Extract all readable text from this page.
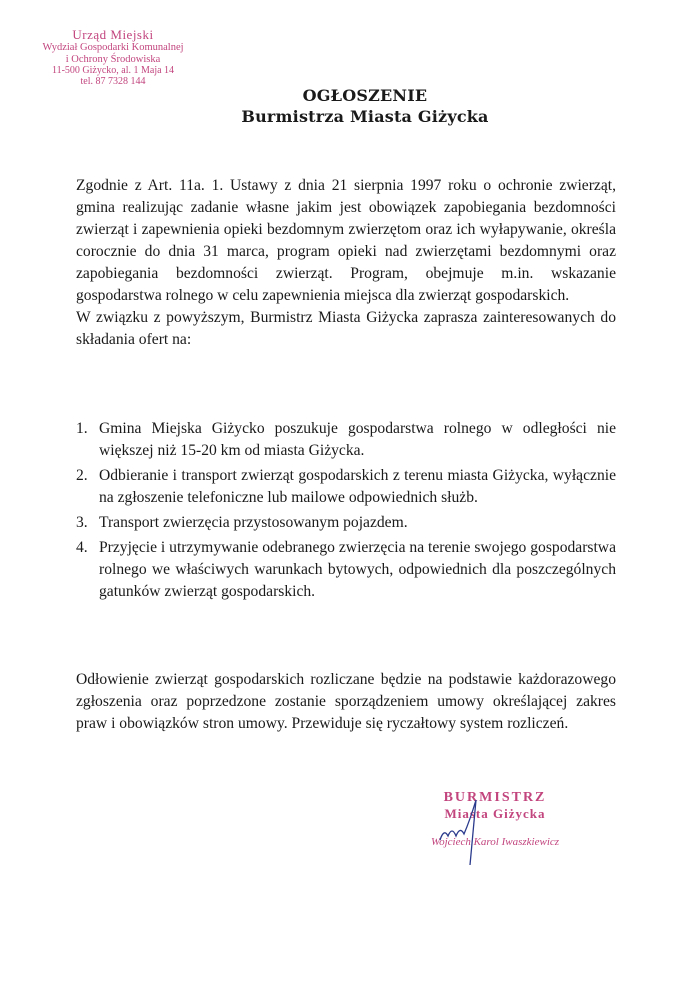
Urząd Miejski
Wydział Gospodarki Komunalnej
i Ochrony Środowiska
11-500 Giżycko, al. 1 Maja 14
tel. 87 7328 144
OGŁOSZENIE
Burmistrza Miasta Giżycka
Zgodnie z Art. 11a. 1. Ustawy z dnia 21 sierpnia 1997 roku o ochronie zwierząt, gmina realizując zadanie własne jakim jest obowiązek zapobiegania bezdomności zwierząt i zapewnienia opieki bezdomnym zwierzętom oraz ich wyłapywanie, określa corocznie do dnia 31 marca, program opieki nad zwierzętami bezdomnymi oraz zapobiegania bezdomności zwierząt. Program, obejmuje m.in. wskazanie gospodarstwa rolnego w celu zapewnienia miejsca dla zwierząt gospodarskich.
W związku z powyższym, Burmistrz Miasta Giżycka zaprasza zainteresowanych do składania ofert na:
1. Gmina Miejska Giżycko poszukuje gospodarstwa rolnego w odległości nie większej niż 15-20 km od miasta Giżycka.
2. Odbieranie i transport zwierząt gospodarskich z terenu miasta Giżycka, wyłącznie na zgłoszenie telefoniczne lub mailowe odpowiednich służb.
3. Transport zwierzęcia przystosowanym pojazdem.
4. Przyjęcie i utrzymywanie odebranego zwierzęcia na terenie swojego gospodarstwa rolnego we właściwych warunkach bytowych, odpowiednich dla poszczególnych gatunków zwierząt gospodarskich.
Odłowienie zwierząt gospodarskich rozliczane będzie na podstawie każdorazowego zgłoszenia oraz poprzedzone zostanie sporządzeniem umowy określającej zakres praw i obowiązków stron umowy. Przewiduje się ryczałtowy system rozliczeń.
BURMISTRZ
Miasta Giżycka
Wojciech Karol Iwaszkiewicz
